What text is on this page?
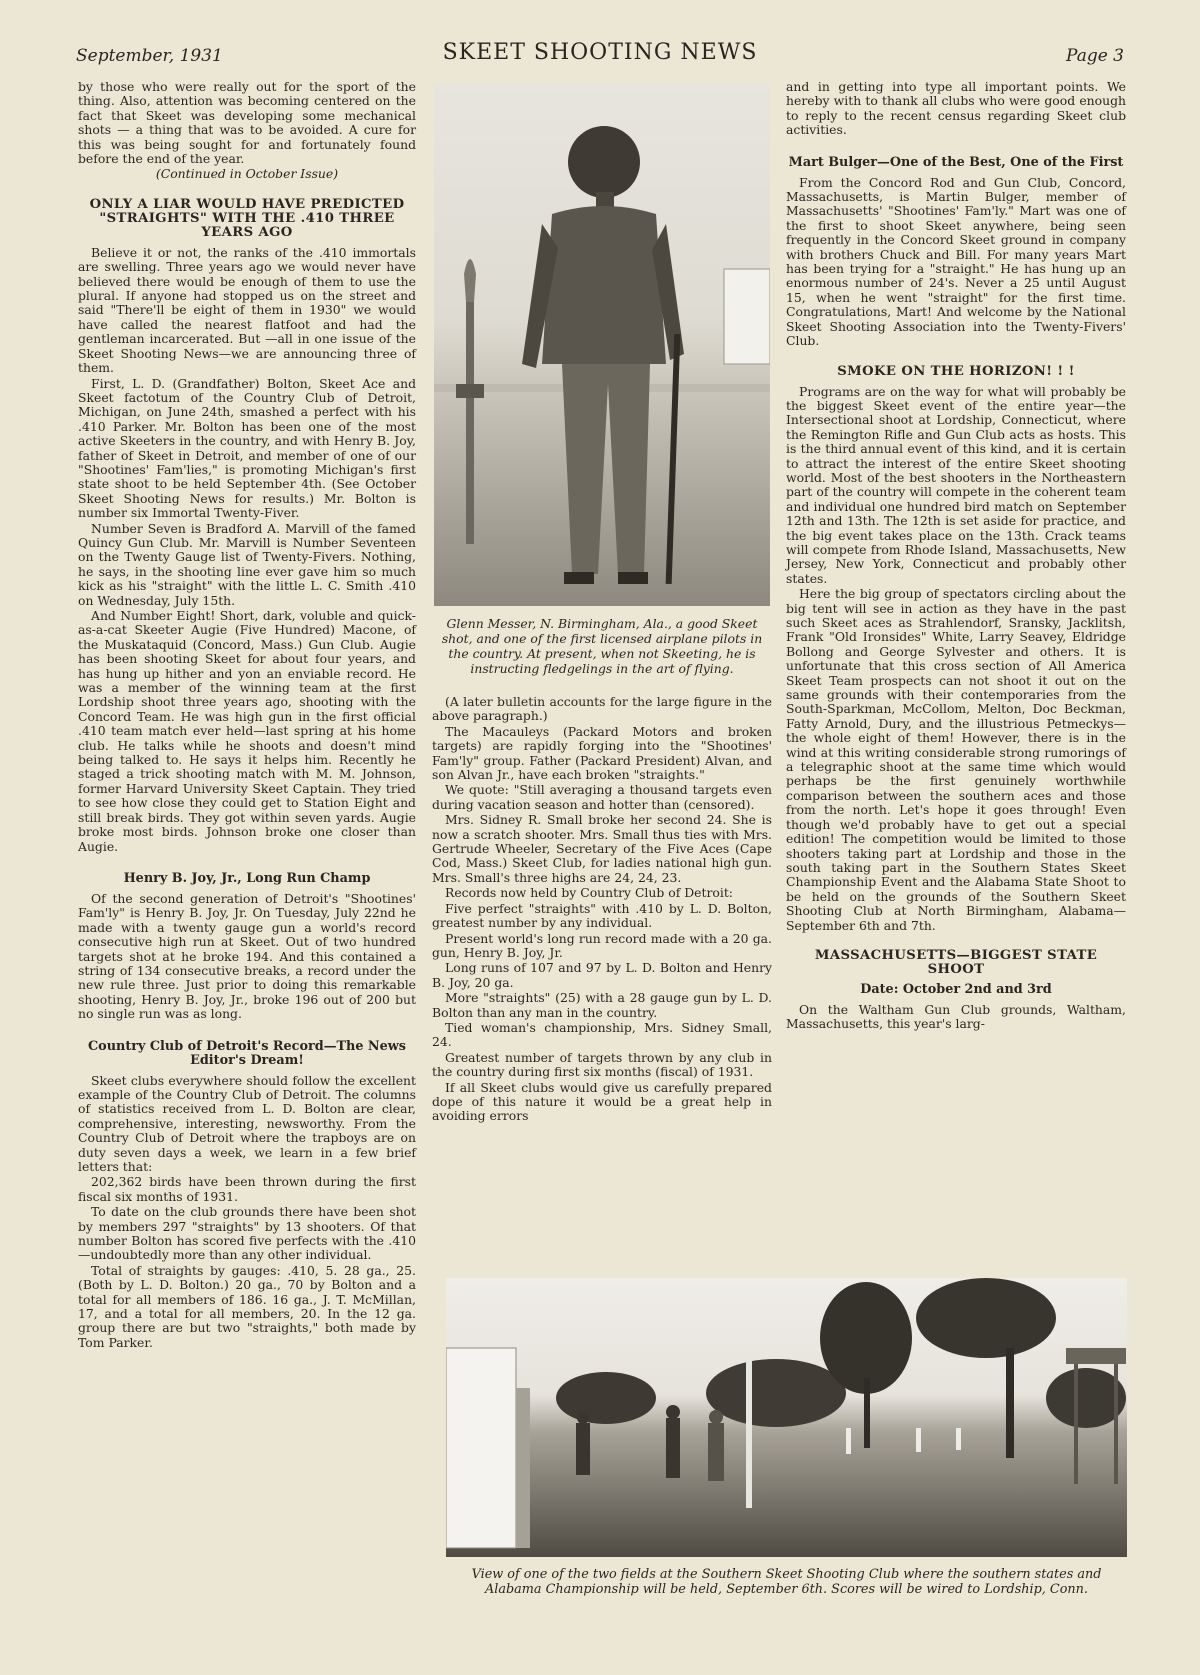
September, 1931	SKEET SHOOTING NEWS	Page 3

by those who were really out for the sport of the thing. Also, attention was becoming centered on the fact that Skeet was developing some mechanical shots — a thing that was to be avoided. A cure for this was being sought for and fortunately found before the end of the year.

(Continued in October Issue)

ONLY A LIAR WOULD HAVE PREDICTED "STRAIGHTS" WITH THE .410 THREE YEARS AGO

Believe it or not, the ranks of the .410 immortals are swelling. Three years ago we would never have believed there would be enough of them to use the plural. If anyone had stopped us on the street and said "There'll be eight of them in 1930" we would have called the nearest flatfoot and had the gentleman incarcerated. But —all in one issue of the Skeet Shooting News—we are announcing three of them.

First, L. D. (Grandfather) Bolton, Skeet Ace and Skeet factotum of the Country Club of Detroit, Michigan, on June 24th, smashed a perfect with his .410 Parker. Mr. Bolton has been one of the most active Skeeters in the country, and with Henry B. Joy, father of Skeet in Detroit, and member of one of our "Shootines' Fam'lies," is promoting Michigan's first state shoot to be held September 4th. (See October Skeet Shooting News for results.) Mr. Bolton is number six Immortal Twenty-Fiver.

Number Seven is Bradford A. Marvill of the famed Quincy Gun Club. Mr. Marvill is Number Seventeen on the Twenty Gauge list of Twenty-Fivers. Nothing, he says, in the shooting line ever gave him so much kick as his "straight" with the little L. C. Smith .410 on Wednesday, July 15th.

And Number Eight! Short, dark, voluble and quick-as-a-cat Skeeter Augie (Five Hundred) Macone, of the Muskataquid (Concord, Mass.) Gun Club. Augie has been shooting Skeet for about four years, and has hung up hither and yon an enviable record. He was a member of the winning team at the first Lordship shoot three years ago, shooting with the Concord Team. He was high gun in the first official .410 team match ever held—last spring at his home club. He talks while he shoots and doesn't mind being talked to. He says it helps him. Recently he staged a trick shooting match with M. M. Johnson, former Harvard University Skeet Captain. They tried to see how close they could get to Station Eight and still break birds. They got within seven yards. Augie broke most birds. Johnson broke one closer than Augie.

Henry B. Joy, Jr., Long Run Champ

Of the second generation of Detroit's "Shootines' Fam'ly" is Henry B. Joy, Jr. On Tuesday, July 22nd he made with a twenty gauge gun a world's record consecutive high run at Skeet. Out of two hundred targets shot at he broke 194. And this contained a string of 134 consecutive breaks, a record under the new rule three. Just prior to doing this remarkable shooting, Henry B. Joy, Jr., broke 196 out of 200 but no single run was as long.

Country Club of Detroit's Record—The News Editor's Dream!

Skeet clubs everywhere should follow the excellent example of the Country Club of Detroit. The columns of statistics received from L. D. Bolton are clear, comprehensive, interesting, newsworthy. From the Country Club of Detroit where the trapboys are on duty seven days a week, we learn in a few brief letters that:

202,362 birds have been thrown during the first fiscal six months of 1931.

To date on the club grounds there have been shot by members 297 "straights" by 13 shooters. Of that number Bolton has scored five perfects with the .410—undoubtedly more than any other individual.

Total of straights by gauges: .410, 5. 28 ga., 25. (Both by L. D. Bolton.) 20 ga., 70 by Bolton and a total for all members of 186. 16 ga., J. T. McMillan, 17, and a total for all members, 20. In the 12 ga. group there are but two "straights," both made by Tom Parker.

Glenn Messer, N. Birmingham, Ala., a good Skeet shot, and one of the first licensed airplane pilots in the country. At present, when not Skeeting, he is instructing fledgelings in the art of flying.

(A later bulletin accounts for the large figure in the above paragraph.)

The Macauleys (Packard Motors and broken targets) are rapidly forging into the "Shootines' Fam'ly" group. Father (Packard President) Alvan, and son Alvan Jr., have each broken "straights."

We quote: "Still averaging a thousand targets even during vacation season and hotter than (censored).

Mrs. Sidney R. Small broke her second 24. She is now a scratch shooter. Mrs. Small thus ties with Mrs. Gertrude Wheeler, Secretary of the Five Aces (Cape Cod, Mass.) Skeet Club, for ladies national high gun. Mrs. Small's three highs are 24, 24, 23.

Records now held by Country Club of Detroit:

Five perfect "straights" with .410 by L. D. Bolton, greatest number by any individual.

Present world's long run record made with a 20 ga. gun, Henry B. Joy, Jr.

Long runs of 107 and 97 by L. D. Bolton and Henry B. Joy, 20 ga.

More "straights" (25) with a 28 gauge gun by L. D. Bolton than any man in the country.

Tied woman's championship, Mrs. Sidney Small, 24.

Greatest number of targets thrown by any club in the country during first six months (fiscal) of 1931.

If all Skeet clubs would give us carefully prepared dope of this nature it would be a great help in avoiding errors

and in getting into type all important points. We hereby with to thank all clubs who were good enough to reply to the recent census regarding Skeet club activities.

Mart Bulger—One of the Best, One of the First

From the Concord Rod and Gun Club, Concord, Massachusetts, is Martin Bulger, member of Massachusetts' "Shootines' Fam'ly." Mart was one of the first to shoot Skeet anywhere, being seen frequently in the Concord Skeet ground in company with brothers Chuck and Bill. For many years Mart has been trying for a "straight." He has hung up an enormous number of 24's. Never a 25 until August 15, when he went "straight" for the first time. Congratulations, Mart! And welcome by the National Skeet Shooting Association into the Twenty-Fivers' Club.

SMOKE ON THE HORIZON! ! !

Programs are on the way for what will probably be the biggest Skeet event of the entire year—the Intersectional shoot at Lordship, Connecticut, where the Remington Rifle and Gun Club acts as hosts. This is the third annual event of this kind, and it is certain to attract the interest of the entire Skeet shooting world. Most of the best shooters in the Northeastern part of the country will compete in the coherent team and individual one hundred bird match on September 12th and 13th. The 12th is set aside for practice, and the big event takes place on the 13th. Crack teams will compete from Rhode Island, Massachusetts, New Jersey, New York, Connecticut and probably other states.

Here the big group of spectators circling about the big tent will see in action as they have in the past such Skeet aces as Strahlendorf, Sransky, Jacklitsh, Frank "Old Ironsides" White, Larry Seavey, Eldridge Bollong and George Sylvester and others. It is unfortunate that this cross section of All America Skeet Team prospects can not shoot it out on the same grounds with their contemporaries from the South-Sparkman, McCollom, Melton, Doc Beckman, Fatty Arnold, Dury, and the illustrious Petmeckys—the whole eight of them! However, there is in the wind at this writing considerable strong rumorings of a telegraphic shoot at the same time which would perhaps be the first genuinely worthwhile comparison between the southern aces and those from the north. Let's hope it goes through! Even though we'd probably have to get out a special edition! The competition would be limited to those shooters taking part at Lordship and those in the south taking part in the Southern States Skeet Championship Event and the Alabama State Shoot to be held on the grounds of the Southern Skeet Shooting Club at North Birmingham, Alabama—September 6th and 7th.

MASSACHUSETTS—BIGGEST STATE SHOOT
Date: October 2nd and 3rd

On the Waltham Gun Club grounds, Waltham, Massachusetts, this year's larg-

View of one of the two fields at the Southern Skeet Shooting Club where the southern states and Alabama Championship will be held, September 6th. Scores will be wired to Lordship, Conn.
